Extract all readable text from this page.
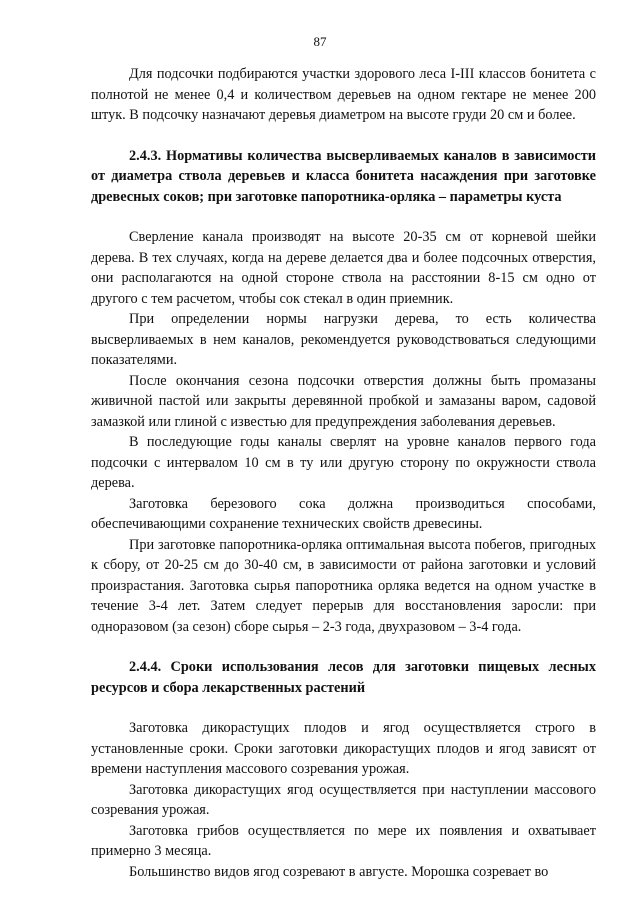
87

Для подсочки подбираются участки здорового леса I-III классов бонитета с полнотой не менее 0,4 и количеством деревьев на одном гектаре не менее 200 штук. В подсочку назначают деревья диаметром на высоте груди 20 см и более.

2.4.3. Нормативы количества высверливаемых каналов в зависимости от диаметра ствола деревьев и класса бонитета насаждения при заготовке древесных соков; при заготовке папоротника-орляка – параметры куста

Сверление канала производят на высоте 20-35 см от корневой шейки дерева. В тех случаях, когда на дереве делается два и более подсочных отверстия, они располагаются на одной стороне ствола на расстоянии 8-15 см одно от другого с тем расчетом, чтобы сок стекал в один приемник.

При определении нормы нагрузки дерева, то есть количества высверливаемых в нем каналов, рекомендуется руководствоваться следующими показателями.

После окончания сезона подсочки отверстия должны быть промазаны живичной пастой или закрыты деревянной пробкой и замазаны варом, садовой замазкой или глиной с известью для предупреждения заболевания деревьев.

В последующие годы каналы сверлят на уровне каналов первого года подсочки с интервалом 10 см в ту или другую сторону по окружности ствола дерева.

Заготовка березового сока должна производиться способами, обеспечивающими сохранение технических свойств древесины.

При заготовке папоротника-орляка оптимальная высота побегов, пригодных к сбору, от 20-25 см до 30-40 см, в зависимости от района заготовки и условий произрастания. Заготовка сырья папоротника орляка ведется на одном участке в течение 3-4 лет. Затем следует перерыв для восстановления заросли: при одноразовом (за сезон) сборе сырья – 2-3 года, двухразовом – 3-4 года.

2.4.4. Сроки использования лесов для заготовки пищевых лесных ресурсов и сбора лекарственных растений

Заготовка дикорастущих плодов и ягод осуществляется строго в установленные сроки. Сроки заготовки дикорастущих плодов и ягод зависят от времени наступления массового созревания урожая.

Заготовка дикорастущих ягод осуществляется при наступлении массового созревания урожая.

Заготовка грибов осуществляется по мере их появления и охватывает примерно 3 месяца.

Большинство видов ягод созревают в августе. Морошка созревает во
